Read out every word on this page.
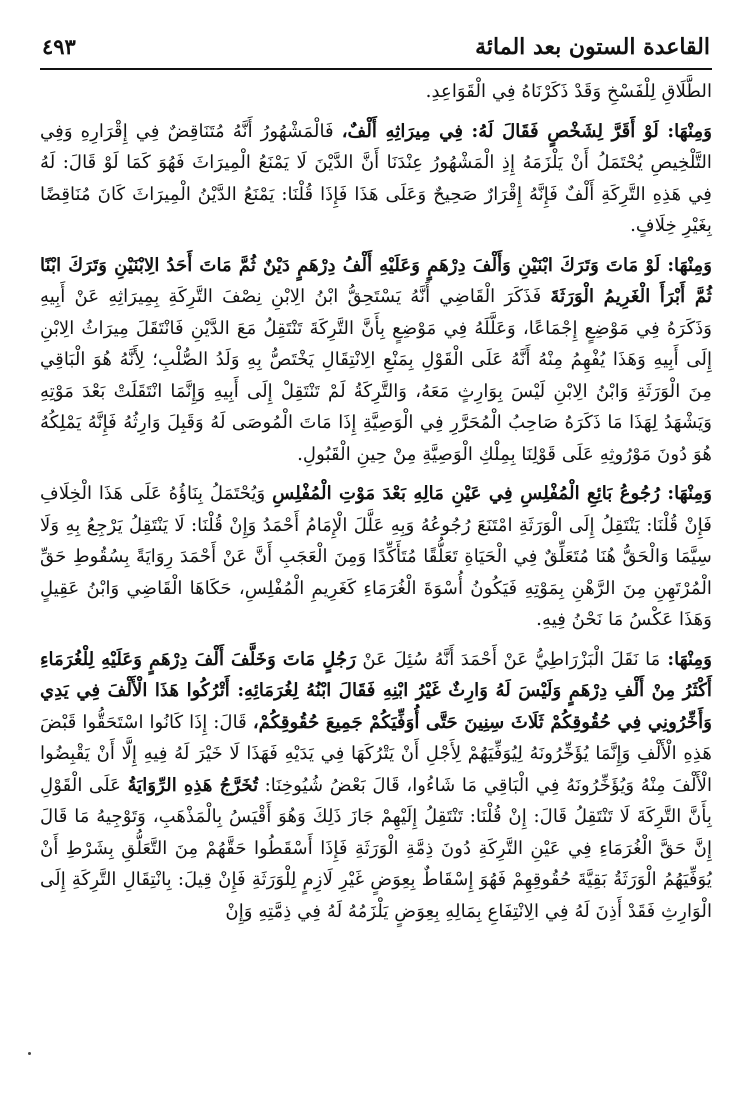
القاعدة الستون بعد المائة
٤٩٣

الطَّلَاقِ لِلْفَسْخِ وَقَدْ ذَكَرْنَاهُ فِي الْقَوَاعِدِ.

وَمِنْهَا: لَوْ أَقَرَّ لِشَخْصٍ فَقَالَ لَهُ: فِي مِيرَاثِهِ أَلْفٌ، فَالْمَشْهُورُ أَنَّهُ مُتَنَاقِضٌ فِي إِقْرَارِهِ وَفِي التَّلْخِيصِ يُحْتَمَلُ أَنْ يَلْزَمَهُ إِذِ الْمَشْهُورُ عِنْدَنَا أَنَّ الدَّيْنَ لَا يَمْنَعُ الْمِيرَاثَ فَهُوَ كَمَا لَوْ قَالَ: لَهُ فِي هَذِهِ التَّرِكَةِ أَلْفٌ فَإِنَّهُ إِقْرَارٌ صَحِيحٌ وَعَلَى هَذَا فَإِذَا قُلْنَا: يَمْنَعُ الدَّيْنُ الْمِيرَاثَ كَانَ مُنَاقِضًا بِغَيْرِ خِلَافٍ.

وَمِنْهَا: لَوْ مَاتَ وَتَرَكَ ابْنَيْنِ وَأَلْفَ دِرْهَمٍ وَعَلَيْهِ أَلْفُ دِرْهَمٍ دَيْنٌ ثُمَّ مَاتَ أَحَدُ الِابْنَيْنِ وَتَرَكَ ابْنًا ثُمَّ أَبْرَأَ الْغَرِيمُ الْوَرَثَةَ فَذَكَرَ الْقَاضِي أَنَّهُ يَسْتَحِقُّ ابْنُ الِابْنِ نِصْفَ التَّرِكَةِ بِمِيرَاثِهِ عَنْ أَبِيهِ وَذَكَرَهُ فِي مَوْضِعٍ إِجْمَاعًا، وَعَلَّلَهُ فِي مَوْضِعٍ بِأَنَّ التَّرِكَةَ تَنْتَقِلُ مَعَ الدَّيْنِ فَانْتَقَلَ مِيرَاثُ الِابْنِ إِلَى أَبِيهِ وَهَذَا يُفْهِمُ مِنْهُ أَنَّهُ عَلَى الْقَوْلِ بِمَنْعِ الِانْتِقَالِ يَخْتَصُّ بِهِ وَلَدُ الصُّلْبِ؛ لِأَنَّهُ هُوَ الْبَاقِي مِنَ الْوَرَثَةِ وَابْنُ الِابْنِ لَيْسَ بِوَارِثٍ مَعَهُ، وَالتَّرِكَةُ لَمْ تَنْتَقِلْ إِلَى أَبِيهِ وَإِنَّمَا انْتَقَلَتْ بَعْدَ مَوْتِهِ وَيَشْهَدُ لِهَذَا مَا ذَكَرَهُ صَاحِبُ الْمُحَرَّرِ فِي الْوَصِيَّةِ إِذَا مَاتَ الْمُوصَى لَهُ وَقَبِلَ وَارِثُهُ فَإِنَّهُ يَمْلِكُهُ هُوَ دُونَ مَوْرُوثِهِ عَلَى قَوْلِنَا بِمِلْكِ الْوَصِيَّةِ مِنْ حِينِ الْقَبُولِ.

وَمِنْهَا: رُجُوعُ بَائِعِ الْمُفْلِسِ فِي عَيْنِ مَالِهِ بَعْدَ مَوْتِ الْمُفْلِسِ وَيُحْتَمَلُ بِنَاؤُهُ عَلَى هَذَا الْخِلَافِ فَإِنْ قُلْنَا: يَنْتَقِلُ إِلَى الْوَرَثَةِ امْتَنَعَ رُجُوعُهُ وَبِهِ عَلَّلَ الْإِمَامُ أَحْمَدُ وَإِنْ قُلْنَا: لَا يَنْتَقِلُ يَرْجِعُ بِهِ وَلَا سِيَّمَا وَالْحَقُّ هُنَا مُتَعَلِّقٌ فِي الْحَيَاةِ تَعَلُّقًا مُتَأَكِّدًا وَمِنَ الْعَجَبِ أَنَّ عَنْ أَحْمَدَ رِوَايَةً بِسُقُوطِ حَقِّ الْمُرْتَهِنِ مِنَ الرَّهْنِ بِمَوْتِهِ فَيَكُونُ أُسْوَةَ الْغُرَمَاءِ كَغَرِيمِ الْمُفْلِسِ، حَكَاهَا الْقَاضِي وَابْنُ عَقِيلٍ وَهَذَا عَكْسُ مَا نَحْنُ فِيهِ.

وَمِنْهَا: مَا نَقَلَ الْبَزْرَاطِيُّ عَنْ أَحْمَدَ أَنَّهُ سُئِلَ عَنْ رَجُلٍ مَاتَ وَخَلَّفَ أَلْفَ دِرْهَمٍ وَعَلَيْهِ لِلْغُرَمَاءِ أَكْثَرُ مِنْ أَلْفِ دِرْهَمٍ وَلَيْسَ لَهُ وَارِثٌ غَيْرُ ابْنِهِ فَقَالَ ابْنُهُ لِغُرَمَائِهِ: أَتْرُكُوا هَذَا الْأَلْفَ فِي يَدِي وَأَخِّرُونِي فِي حُقُوقِكُمْ ثَلَاثَ سِنِينَ حَتَّى أُوَفِّيَكُمْ جَمِيعَ حُقُوقِكُمْ، قَالَ: إِذَا كَانُوا اسْتَحَقُّوا قَبْضَ هَذِهِ الْأَلْفِ وَإِنَّمَا يُؤَخِّرُونَهُ لِيُوَفِّيَهُمْ لِأَجْلِ أَنْ يَتْرُكَهَا فِي يَدَيْهِ فَهَذَا لَا خَيْرَ لَهُ فِيهِ إِلَّا أَنْ يَقْبِضُوا الْأَلْفَ مِنْهُ وَيُؤَخِّرُونَهُ فِي الْبَاقِي مَا شَاءُوا، قَالَ بَعْضُ شُيُوخِنَا: تُخَرَّجُ هَذِهِ الرِّوَايَةُ عَلَى الْقَوْلِ بِأَنَّ التَّرِكَةَ لَا تَنْتَقِلُ قَالَ: إِنْ قُلْنَا: تَنْتَقِلُ إِلَيْهِمْ جَازَ ذَلِكَ وَهُوَ أَقْيَسُ بِالْمَذْهَبِ، وَتَوْجِيهُ مَا قَالَ إِنَّ حَقَّ الْغُرَمَاءِ فِي عَيْنِ التَّرِكَةِ دُونَ ذِمَّةِ الْوَرَثَةِ فَإِذَا أَسْقَطُوا حَقَّهُمْ مِنَ التَّعَلُّقِ بِشَرْطِ أَنْ يُوَفِّيَهُمُ الْوَرَثَةُ بَقِيَّةَ حُقُوقِهِمْ فَهُوَ إِسْقَاطٌ بِعِوَضٍ غَيْرِ لَازِمٍ لِلْوَرَثَةِ فَإِنْ قِيلَ: بِانْتِقَالِ التَّرِكَةِ إِلَى الْوَارِثِ فَقَدْ أَذِنَ لَهُ فِي الِانْتِفَاعِ بِمَالِهِ بِعِوَضٍ يَلْزَمُهُ لَهُ فِي ذِمَّتِهِ وَإِنْ
